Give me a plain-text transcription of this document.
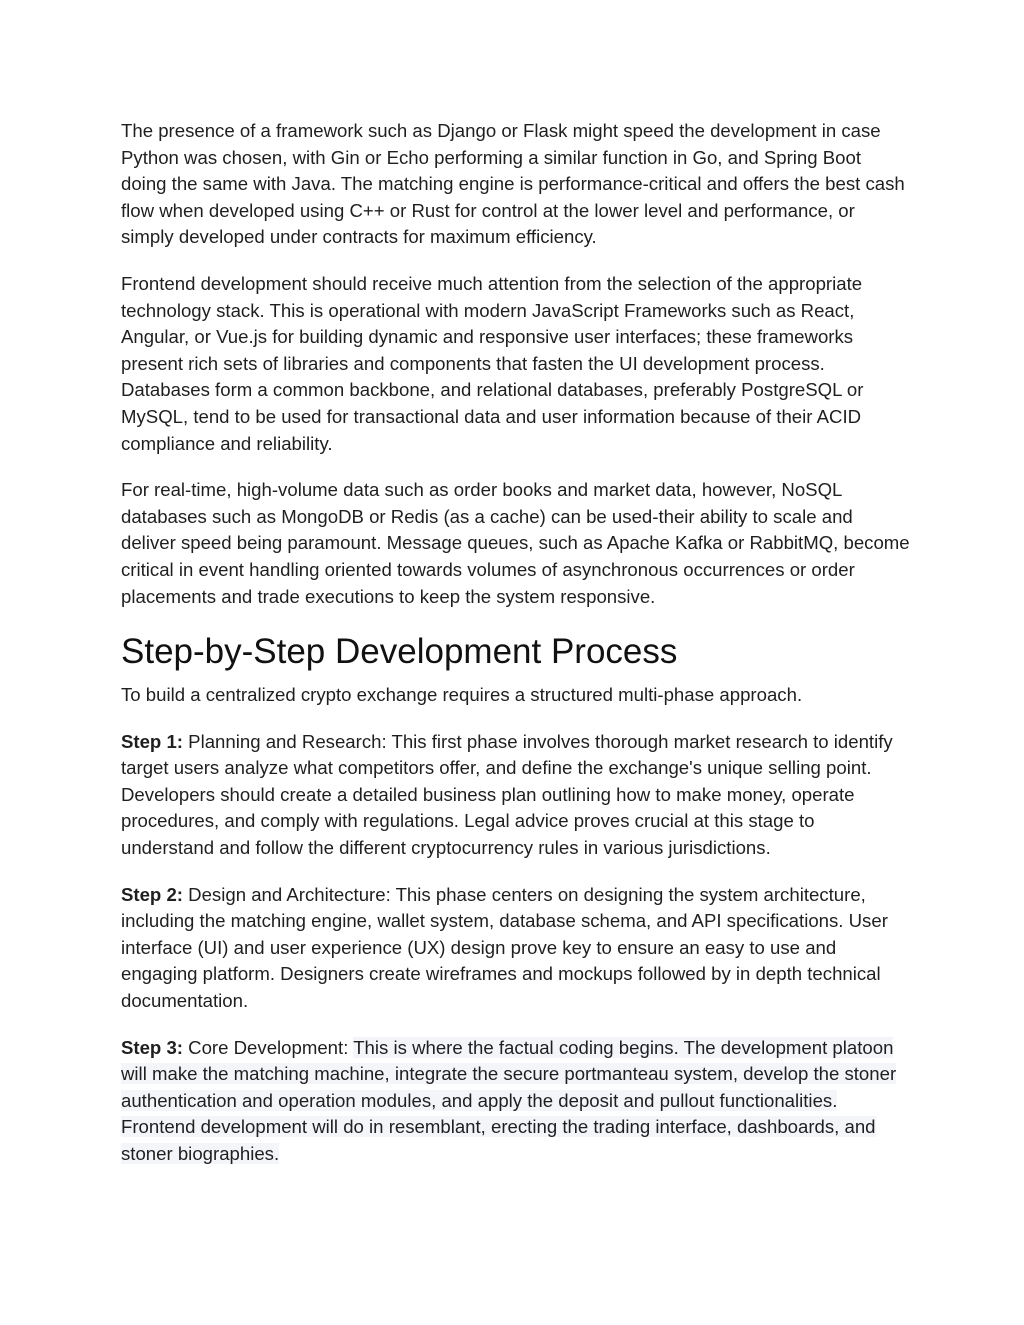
The presence of a framework such as Django or Flask might speed the development in case Python was chosen, with Gin or Echo performing a similar function in Go, and Spring Boot doing the same with Java. The matching engine is performance-critical and offers the best cash flow when developed using C++ or Rust for control at the lower level and performance, or simply developed under contracts for maximum efficiency.

Frontend development should receive much attention from the selection of the appropriate technology stack. This is operational with modern JavaScript Frameworks such as React, Angular, or Vue.js for building dynamic and responsive user interfaces; these frameworks present rich sets of libraries and components that fasten the UI development process. Databases form a common backbone, and relational databases, preferably PostgreSQL or MySQL, tend to be used for transactional data and user information because of their ACID compliance and reliability.

For real-time, high-volume data such as order books and market data, however, NoSQL databases such as MongoDB or Redis (as a cache) can be used-their ability to scale and deliver speed being paramount. Message queues, such as Apache Kafka or RabbitMQ, become critical in event handling oriented towards volumes of asynchronous occurrences or order placements and trade executions to keep the system responsive.

Step-by-Step Development Process

To build a centralized crypto exchange requires a structured multi-phase approach.

Step 1: Planning and Research: This first phase involves thorough market research to identify target users analyze what competitors offer, and define the exchange's unique selling point. Developers should create a detailed business plan outlining how to make money, operate procedures, and comply with regulations. Legal advice proves crucial at this stage to understand and follow the different cryptocurrency rules in various jurisdictions.

Step 2: Design and Architecture: This phase centers on designing the system architecture, including the matching engine, wallet system, database schema, and API specifications. User interface (UI) and user experience (UX) design prove key to ensure an easy to use and engaging platform. Designers create wireframes and mockups followed by in depth technical documentation.

Step 3: Core Development: This is where the factual coding begins. The development platoon will make the matching machine, integrate the secure portmanteau system, develop the stoner authentication and operation modules, and apply the deposit and pullout functionalities. Frontend development will do in resemblant, erecting the trading interface, dashboards, and stoner biographies.
